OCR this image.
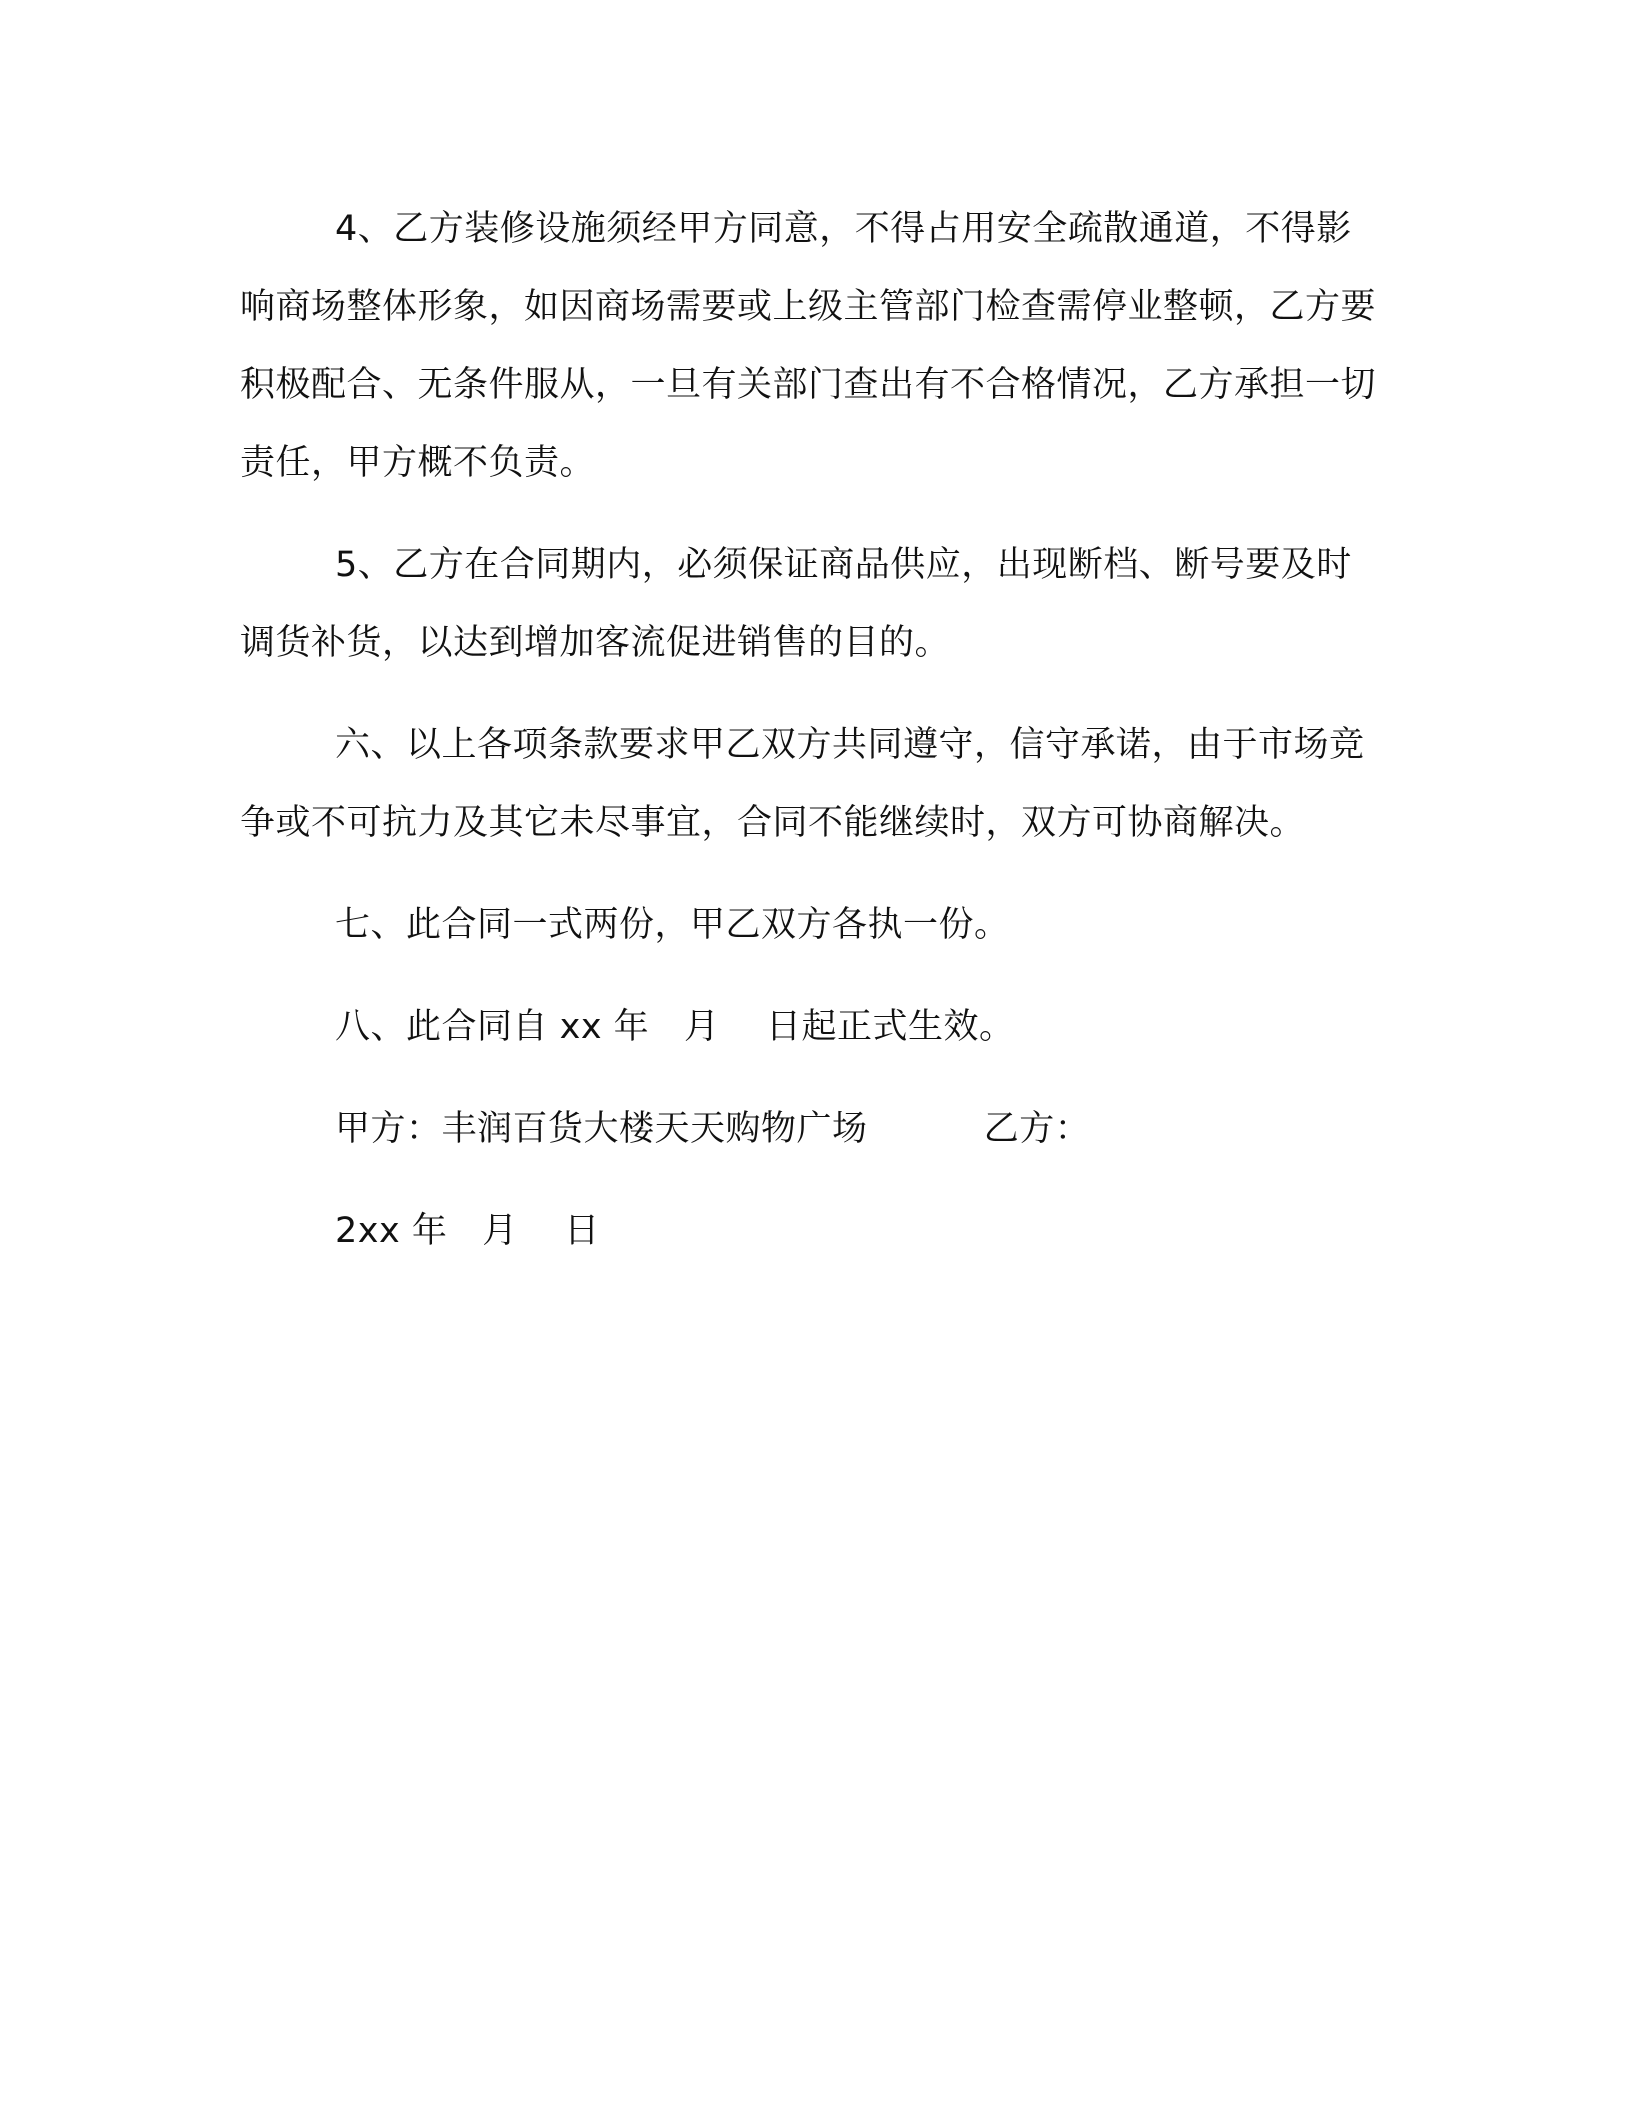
4、乙方装修设施须经甲方同意，不得占用安全疏散通道，不得影响商场整体形象，如因商场需要或上级主管部门检查需停业整顿，乙方要积极配合、无条件服从，一旦有关部门查出有不合格情况，乙方承担一切责任，甲方概不负责。

5、乙方在合同期内，必须保证商品供应，出现断档、断号要及时调货补货，以达到增加客流促进销售的目的。

六、以上各项条款要求甲乙双方共同遵守，信守承诺，由于市场竞争或不可抗力及其它未尽事宜，合同不能继续时，双方可协商解决。

七、此合同一式两份，甲乙双方各执一份。

八、此合同自 xx 年   月    日起正式生效。

甲方：丰润百货大楼天天购物广场          乙方：

2xx 年   月    日
